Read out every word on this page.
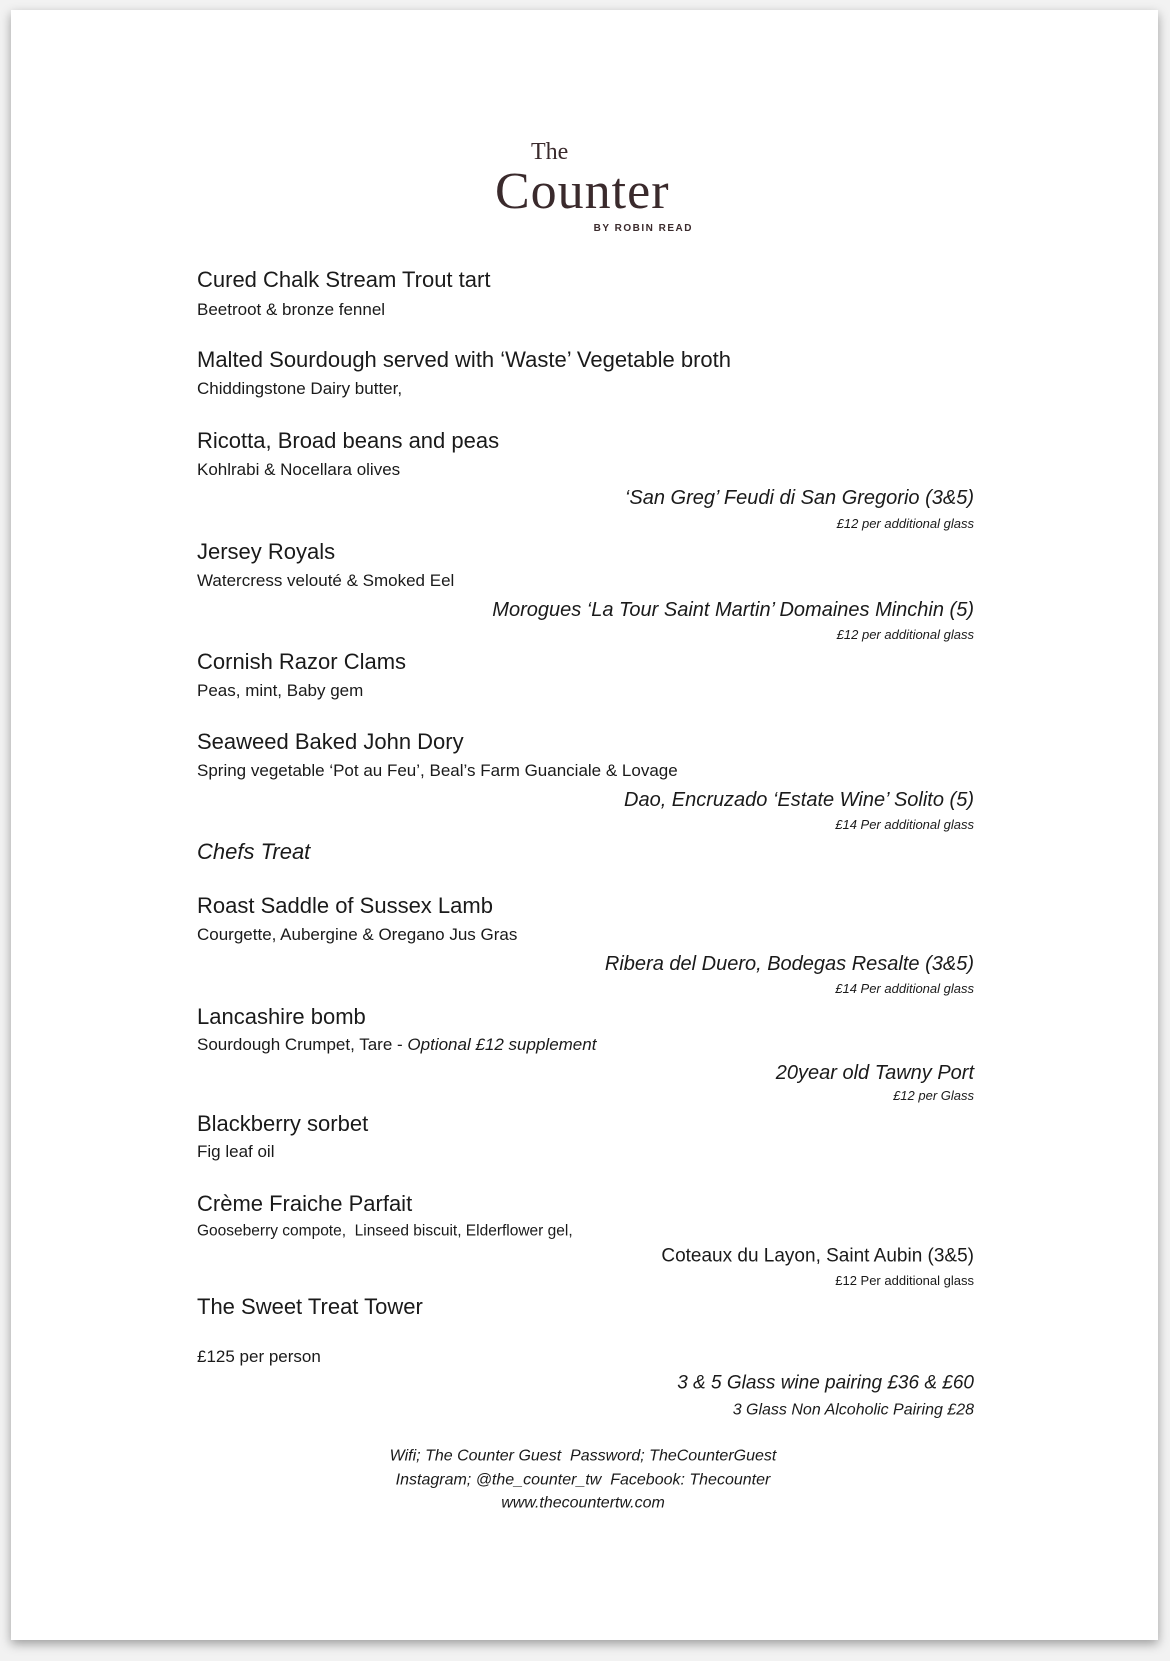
The
Counter
BY ROBIN READ
Cured Chalk Stream Trout tart
Beetroot & bronze fennel
Malted Sourdough served with ‘Waste’ Vegetable broth
Chiddingstone Dairy butter,
Ricotta, Broad beans and peas
Kohlrabi & Nocellara olives
‘San Greg’ Feudi di San Gregorio (3&5)
£12 per additional glass
Jersey Royals
Watercress velouté & Smoked Eel
Morogues ‘La Tour Saint Martin’ Domaines Minchin (5)
£12 per additional glass
Cornish Razor Clams
Peas, mint, Baby gem
Seaweed Baked John Dory
Spring vegetable ‘Pot au Feu’, Beal’s Farm Guanciale & Lovage
Dao, Encruzado ‘Estate Wine’ Solito (5)
£14 Per additional glass
Chefs Treat
Roast Saddle of Sussex Lamb
Courgette, Aubergine & Oregano Jus Gras
Ribera del Duero, Bodegas Resalte (3&5)
£14 Per additional glass
Lancashire bomb
Sourdough Crumpet, Tare - Optional £12 supplement
20year old Tawny Port
£12 per Glass
Blackberry sorbet
Fig leaf oil
Crème Fraiche Parfait
Gooseberry compote,  Linseed biscuit, Elderflower gel,
Coteaux du Layon, Saint Aubin (3&5)
£12 Per additional glass
The Sweet Treat Tower
£125 per person
3 & 5 Glass wine pairing £36 & £60
3 Glass Non Alcoholic Pairing £28
Wifi; The Counter Guest  Password; TheCounterGuest
Instagram; @the_counter_tw  Facebook: Thecounter
www.thecountertw.com
